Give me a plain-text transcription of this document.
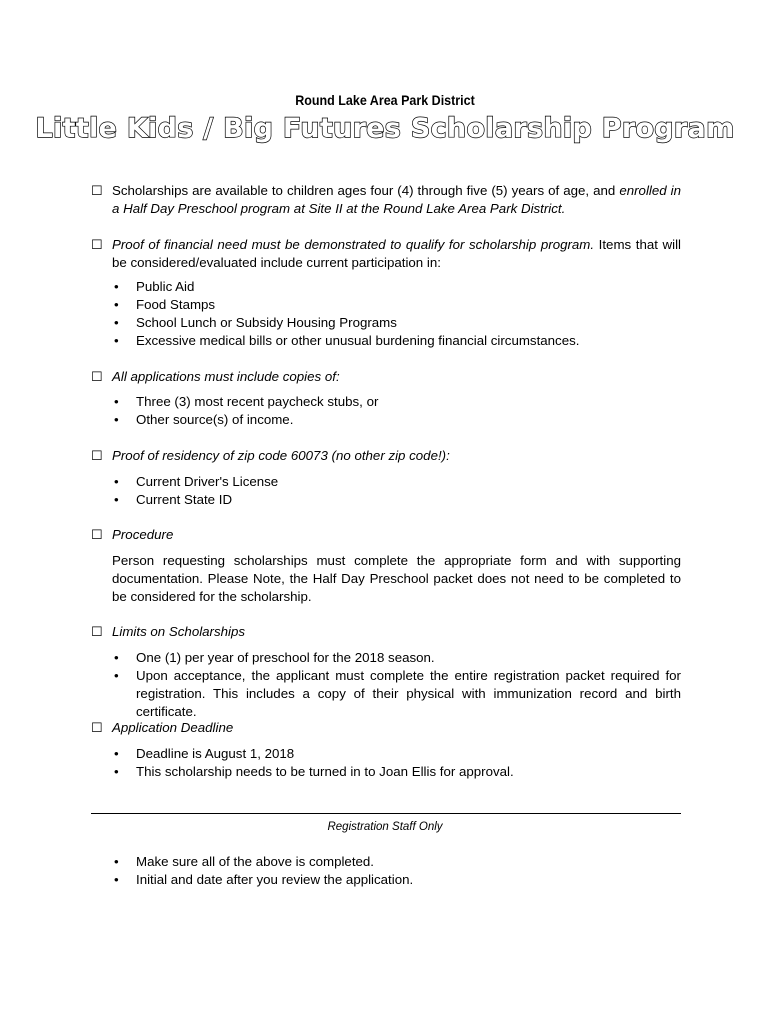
Round Lake Area Park District
Little Kids / Big Futures Scholarship Program
☐ Scholarships are available to children ages four (4) through five (5) years of age, and enrolled in a Half Day Preschool program at Site II at the Round Lake Area Park District.
☐ Proof of financial need must be demonstrated to qualify for scholarship program. Items that will be considered/evaluated include current participation in:
• Public Aid
• Food Stamps
• School Lunch or Subsidy Housing Programs
• Excessive medical bills or other unusual burdening financial circumstances.
☐ All applications must include copies of:
• Three (3) most recent paycheck stubs, or
• Other source(s) of income.
☐ Proof of residency of zip code 60073 (no other zip code!):
• Current Driver's License
• Current State ID
☐ Procedure
Person requesting scholarships must complete the appropriate form and with supporting documentation. Please Note, the Half Day Preschool packet does not need to be completed to be considered for the scholarship.
☐ Limits on Scholarships
• One (1) per year of preschool for the 2018 season.
• Upon acceptance, the applicant must complete the entire registration packet required for registration. This includes a copy of their physical with immunization record and birth certificate.
☐ Application Deadline
• Deadline is August 1, 2018
• This scholarship needs to be turned in to Joan Ellis for approval.
Registration Staff Only
• Make sure all of the above is completed.
• Initial and date after you review the application.
